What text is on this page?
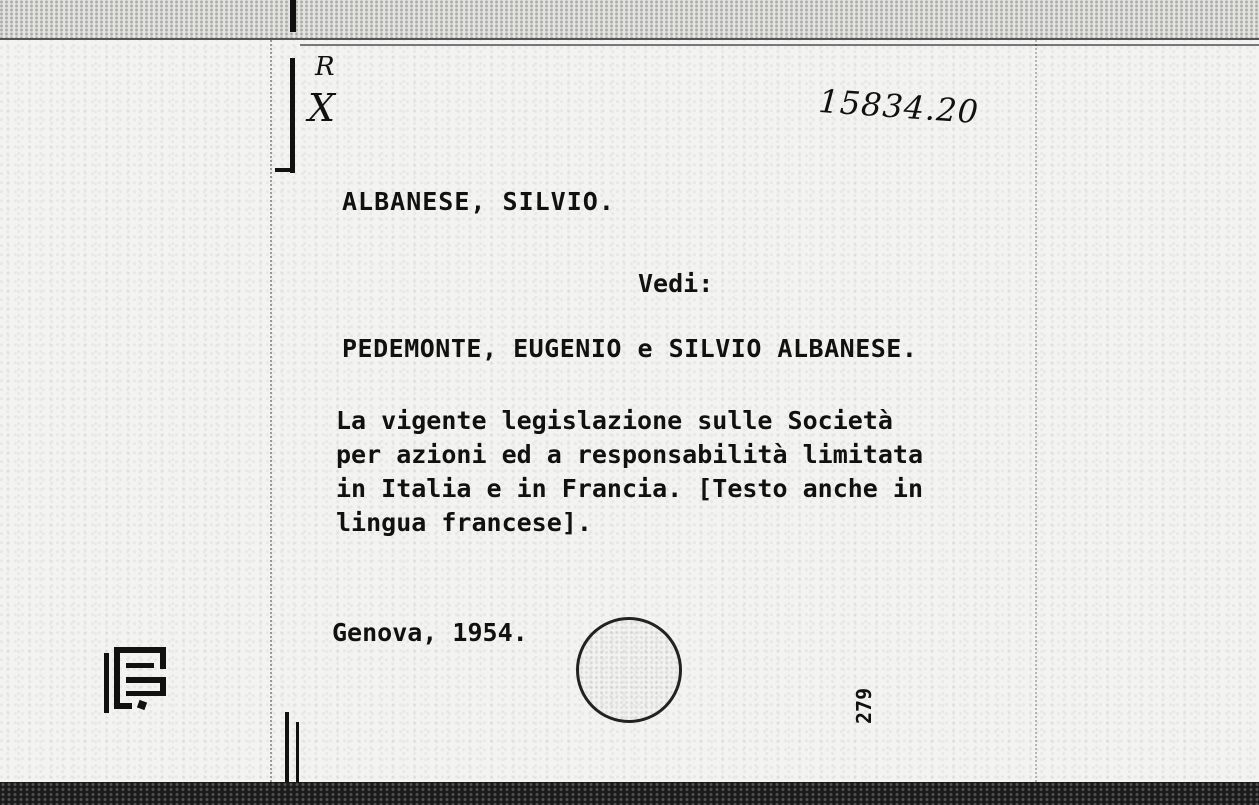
R
X	15834.20
ALBANESE, SILVIO.
Vedi:
PEDEMONTE, EUGENIO e SILVIO ALBANESE.
La vigente legislazione sulle Società
per azioni ed a responsabilità limitata
in Italia e in Francia. [Testo anche in
lingua francese].
Genova, 1954.
279
